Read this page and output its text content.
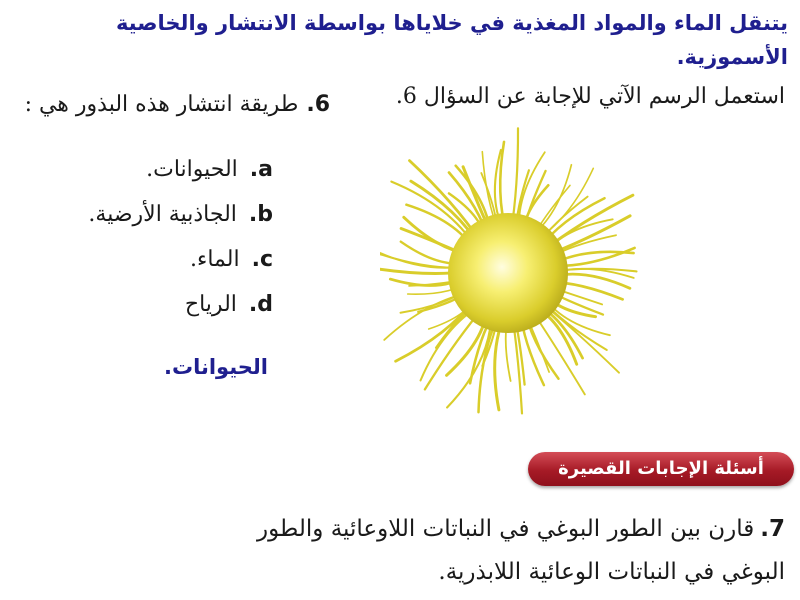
يتنقل الماء والمواد المغذية في خلاياها بواسطة الانتشار والخاصية الأسموزية.
استعمل الرسم الآتي للإجابة عن السؤال 6.
6.طريقة انتشار هذه البذور هي :
a.الحيوانات.
b.الجاذبية الأرضية.
c.الماء.
d.الرياح
الحيوانات.
أسئلة الإجابات القصيرة
7.قارن بين الطور البوغي في النباتات اللاوعائية والطور البوغي في النباتات الوعائية اللابذرية.
